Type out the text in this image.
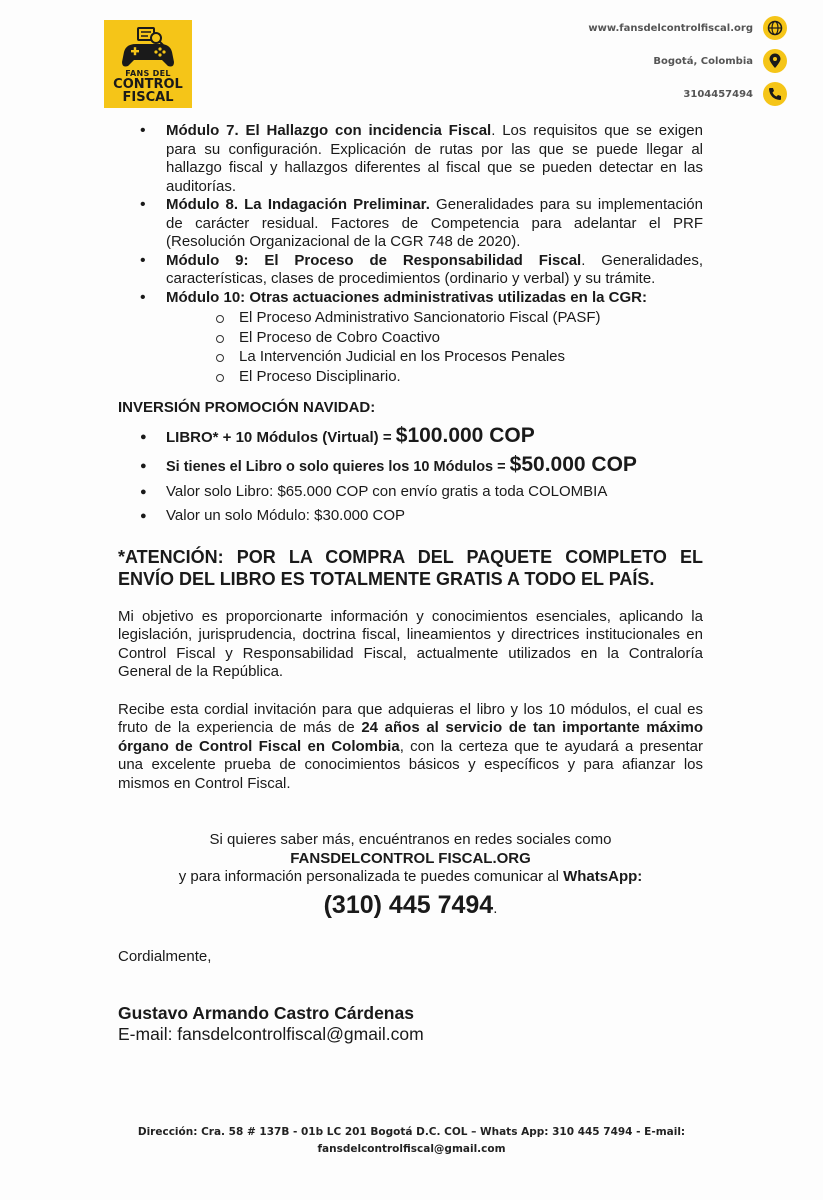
FANS DEL
CONTROL
FISCAL
www.fansdelcontrolfiscal.org
Bogotá, Colombia
3104457494
• Módulo 7. El Hallazgo con incidencia Fiscal. Los requisitos que se exigen para su configuración. Explicación de rutas por las que se puede llegar al hallazgo fiscal y hallazgos diferentes al fiscal que se pueden detectar en las auditorías.
• Módulo 8. La Indagación Preliminar. Generalidades para su implementación de carácter residual. Factores de Competencia para adelantar el PRF (Resolución Organizacional de la CGR 748 de 2020).
• Módulo 9: El Proceso de Responsabilidad Fiscal. Generalidades, características, clases de procedimientos (ordinario y verbal) y su trámite.
• Módulo 10: Otras actuaciones administrativas utilizadas en la CGR:
El Proceso Administrativo Sancionatorio Fiscal (PASF)
El Proceso de Cobro Coactivo
La Intervención Judicial en los Procesos Penales
El Proceso Disciplinario.
INVERSIÓN PROMOCIÓN NAVIDAD:
● LIBRO* + 10 Módulos (Virtual) = $100.000 COP
● Si tienes el Libro o solo quieres los 10 Módulos = $50.000 COP
● Valor solo Libro: $65.000 COP con envío gratis a toda COLOMBIA
● Valor un solo Módulo: $30.000 COP
*ATENCIÓN: POR LA COMPRA DEL PAQUETE COMPLETO EL ENVÍO DEL LIBRO ES TOTALMENTE GRATIS A TODO EL PAÍS.

Mi objetivo es proporcionarte información y conocimientos esenciales, aplicando la legislación, jurisprudencia, doctrina fiscal, lineamientos y directrices institucionales en Control Fiscal y Responsabilidad Fiscal, actualmente utilizados en la Contraloría General de la República.

Recibe esta cordial invitación para que adquieras el libro y los 10 módulos, el cual es fruto de la experiencia de más de 24 años al servicio de tan importante máximo órgano de Control Fiscal en Colombia, con la certeza que te ayudará a presentar una excelente prueba de conocimientos básicos y específicos y para afianzar los mismos en Control Fiscal.

Si quieres saber más, encuéntranos en redes sociales como
FANSDELCONTROL FISCAL.ORG
y para información personalizada te puedes comunicar al WhatsApp:
(310) 445 7494.
Cordialmente,
Gustavo Armando Castro Cárdenas
E-mail: fansdelcontrolfiscal@gmail.com
Dirección: Cra. 58 # 137B - 01b LC 201 Bogotá D.C. COL – Whats App: 310 445 7494 - E-mail:
fansdelcontrolfiscal@gmail.com
